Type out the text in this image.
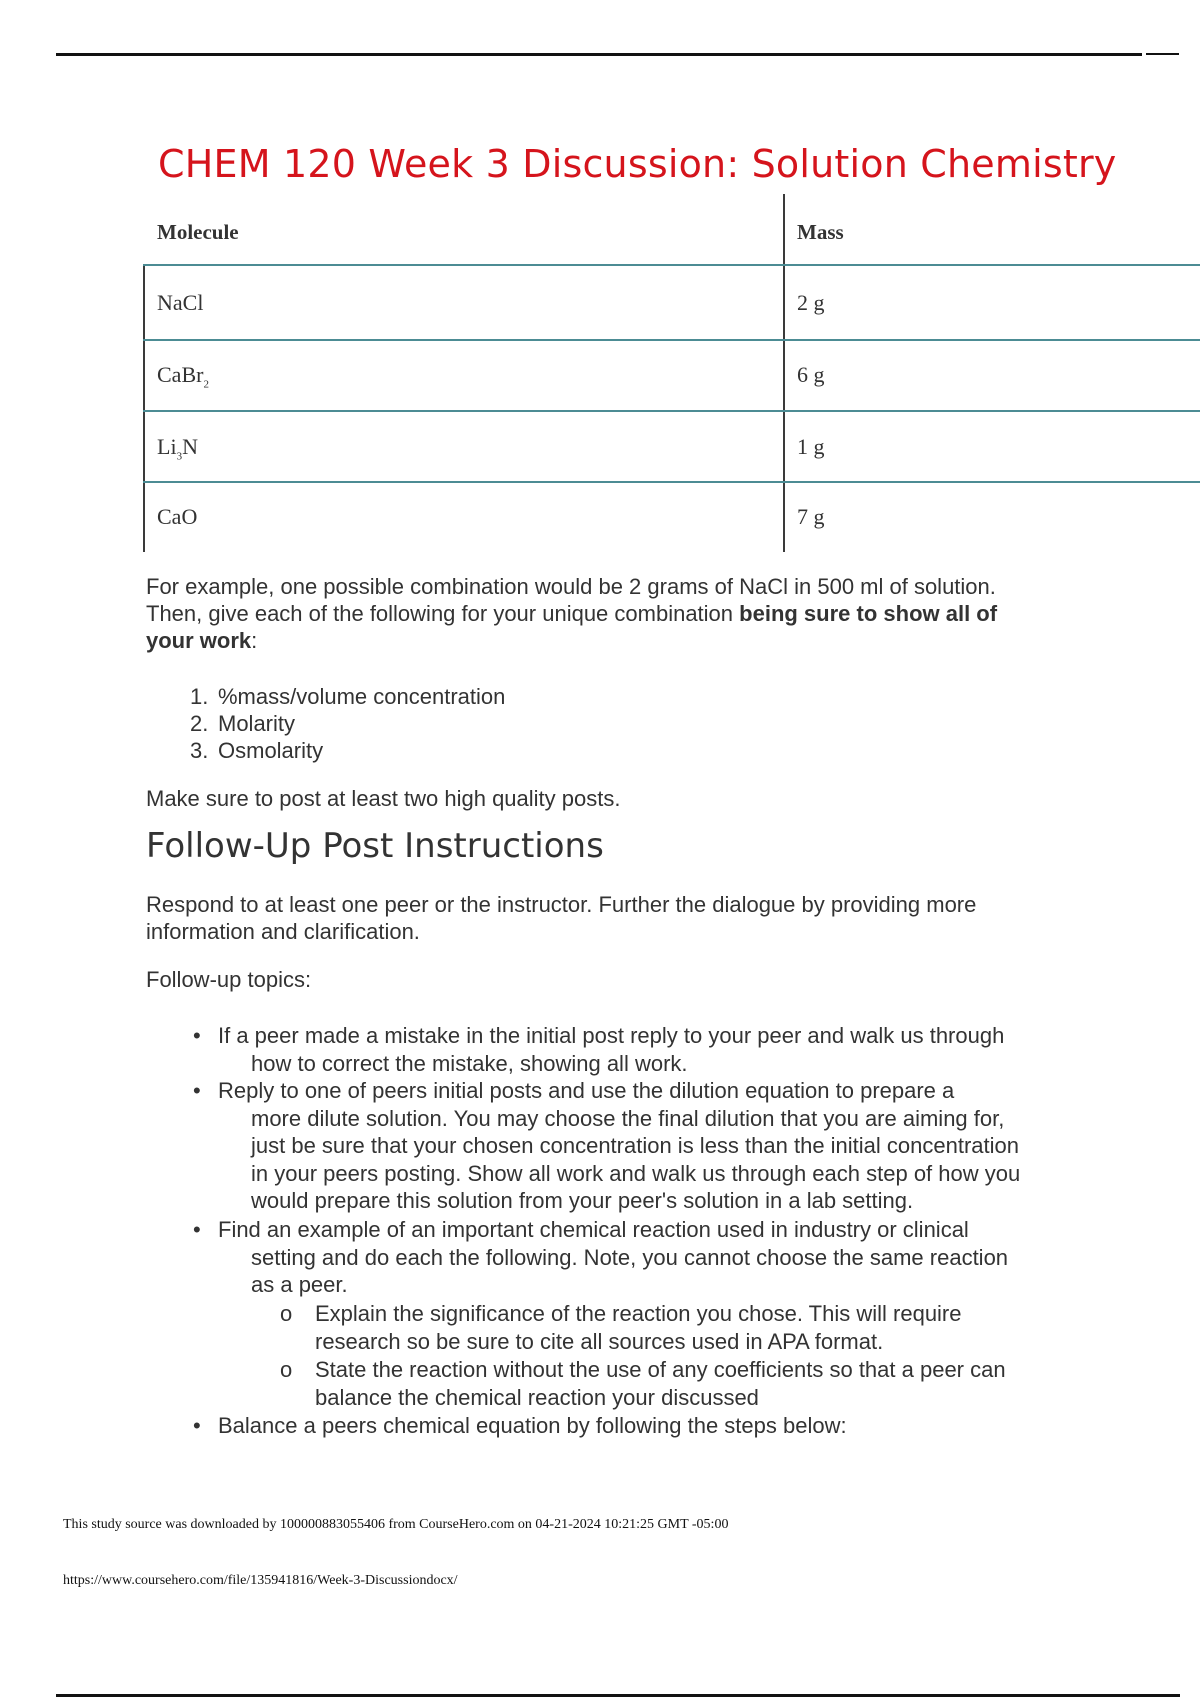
CHEM 120 Week 3 Discussion: Solution Chemistry
Molecule	Mass
NaCl	2 g
CaBr$_2$	6 g
$Li_3N$	1 g
CaO	7 g
For example, one possible combination would be 2 grams of NaCl in 500 ml of solution.
Then, give each of the following for your unique combination being sure to show all of
your work:
1. %mass/volume concentration
2. Molarity
3. Osmolarity
Make sure to post at least two high quality posts.
Follow-Up Post Instructions
Respond to at least one peer or the instructor. Further the dialogue by providing more
information and clarification.
Follow-up topics:
• If a peer made a mistake in the initial post reply to your peer and walk us through
how to correct the mistake, showing all work.
• Reply to one of peers initial posts and use the dilution equation to prepare a
more dilute solution. You may choose the final dilution that you are aiming for,
just be sure that your chosen concentration is less than the initial concentration
in your peers posting. Show all work and walk us through each step of how you
would prepare this solution from your peer's solution in a lab setting.
• Find an example of an important chemical reaction used in industry or clinical
setting and do each the following. Note, you cannot choose the same reaction
as a peer.
o Explain the significance of the reaction you chose. This will require
research so be sure to cite all sources used in APA format.
o State the reaction without the use of any coefficients so that a peer can
balance the chemical reaction your discussed
• Balance a peers chemical equation by following the steps below:
This study source was downloaded by 100000883055406 from CourseHero.com on 04-21-2024 10:21:25 GMT -05:00
https://www.coursehero.com/file/135941816/Week-3-Discussiondocx/
